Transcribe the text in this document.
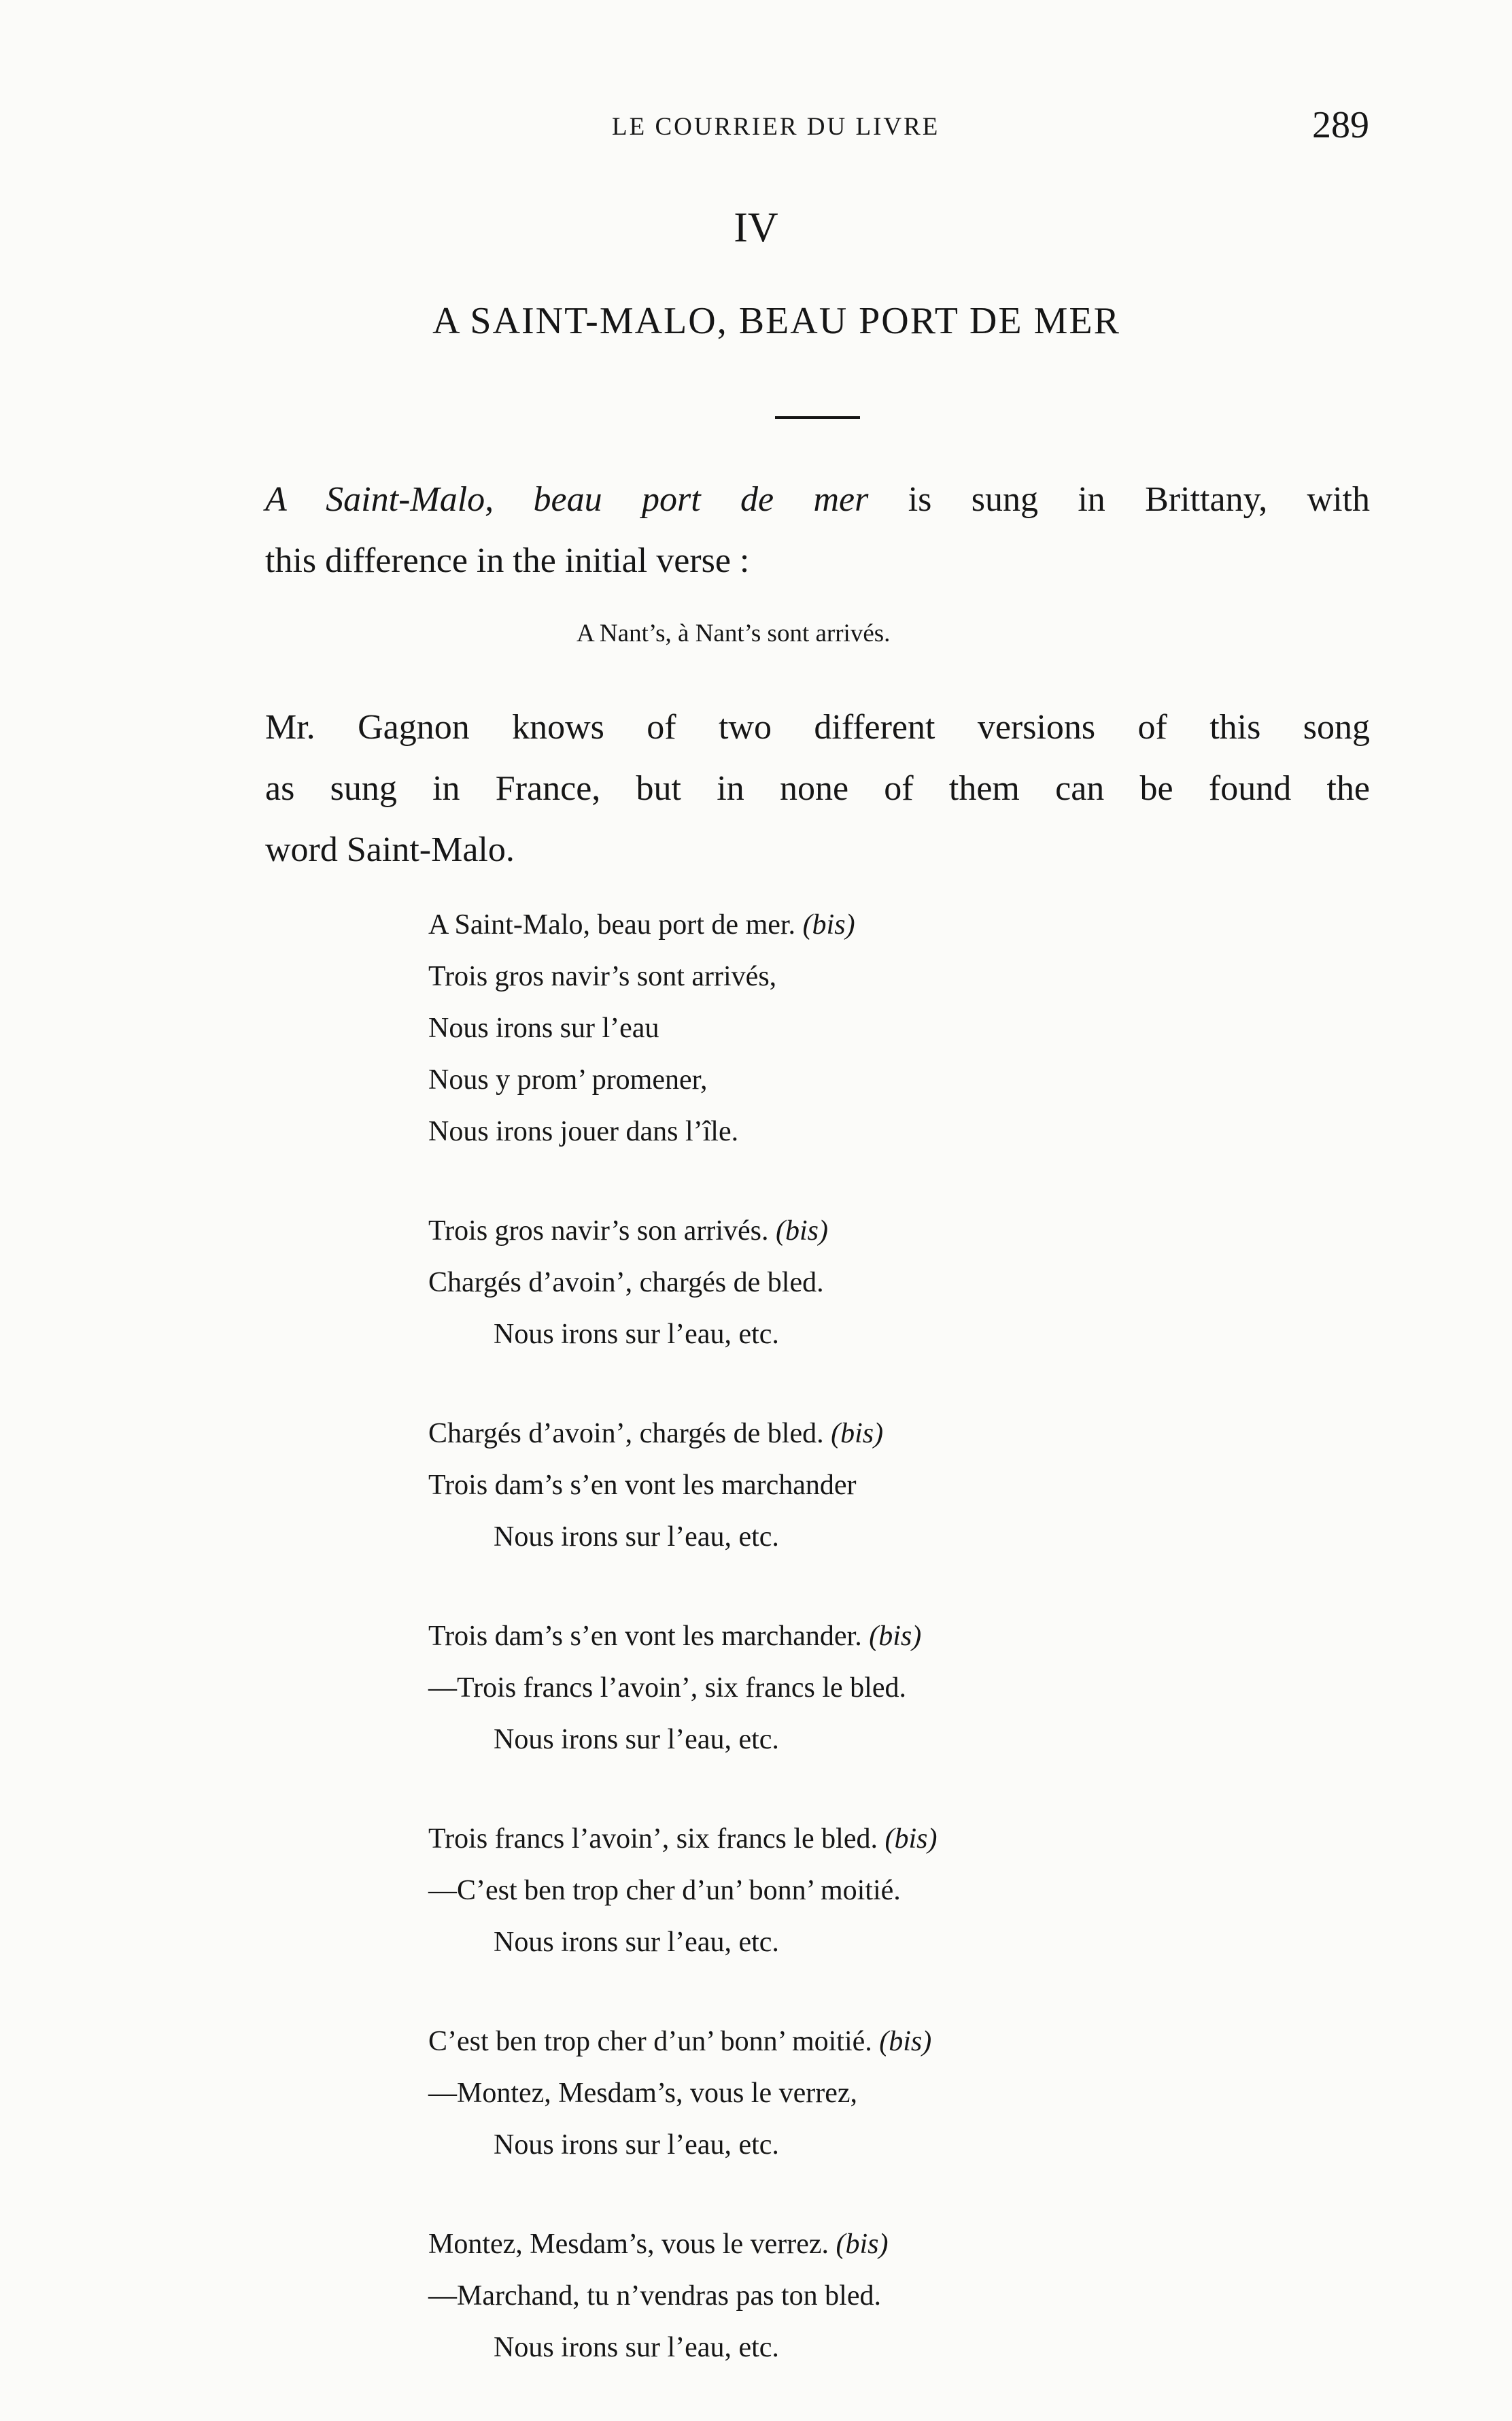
LE COURRIER DU LIVRE	289
IV
A SAINT-MALO, BEAU PORT DE MER
A Saint-Malo, beau port de mer is sung in Brittany, with
this difference in the initial verse :
A Nant’s, à Nant’s sont arrivés.
Mr. Gagnon knows of two different versions of this song
as sung in France, but in none of them can be found the
word Saint-Malo.
A Saint-Malo, beau port de mer. (bis)
Trois gros navir’s sont arrivés,
Nous irons sur l’eau
Nous y prom’ promener,
Nous irons jouer dans l’île.
Trois gros navir’s son arrivés. (bis)
Chargés d’avoin’, chargés de bled.
Nous irons sur l’eau, etc.
Chargés d’avoin’, chargés de bled. (bis)
Trois dam’s s’en vont les marchander
Nous irons sur l’eau, etc.
Trois dam’s s’en vont les marchander. (bis)
—Trois francs l’avoin’, six francs le bled.
Nous irons sur l’eau, etc.
Trois francs l’avoin’, six francs le bled. (bis)
—C’est ben trop cher d’un’ bonn’ moitié.
Nous irons sur l’eau, etc.
C’est ben trop cher d’un’ bonn’ moitié. (bis)
—Montez, Mesdam’s, vous le verrez,
Nous irons sur l’eau, etc.
Montez, Mesdam’s, vous le verrez. (bis)
—Marchand, tu n’vendras pas ton bled.
Nous irons sur l’eau, etc.
